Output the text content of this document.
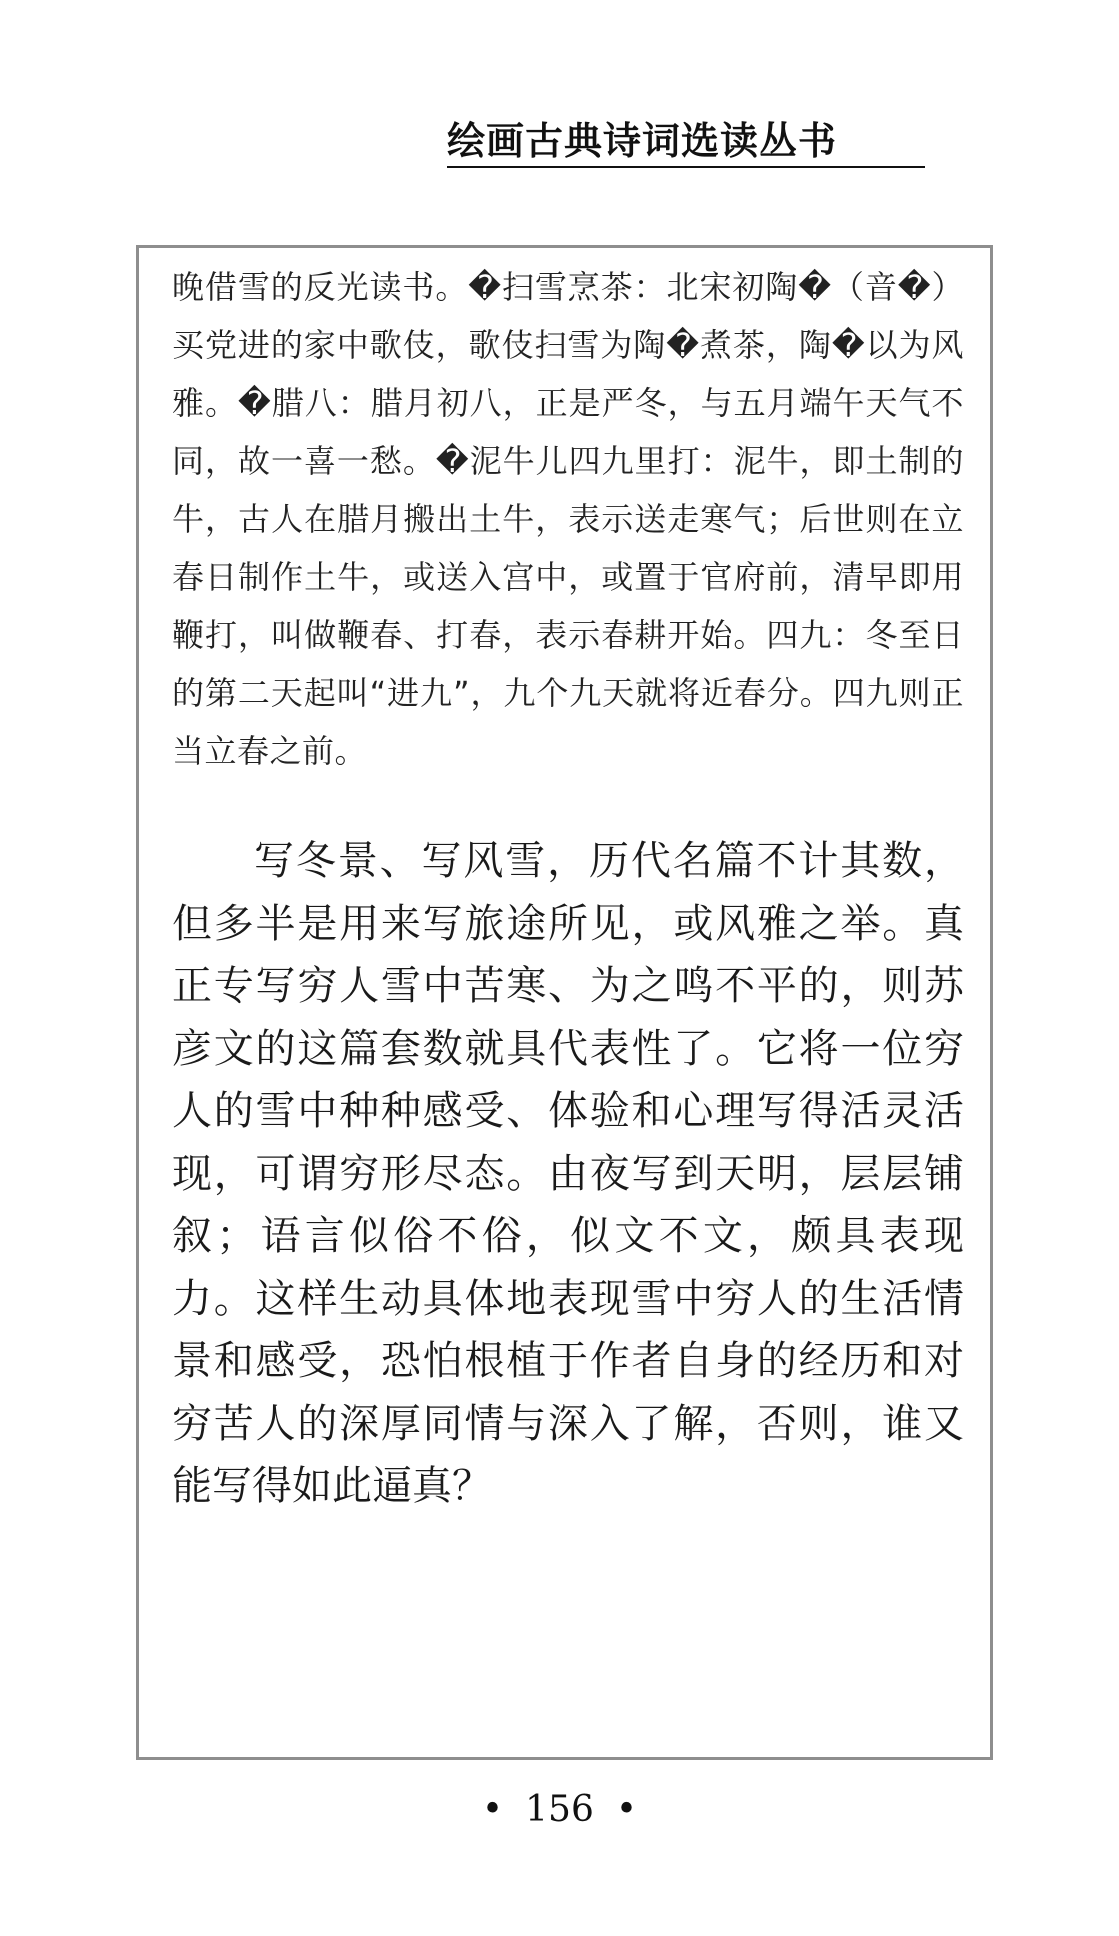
绘画古典诗词选读丛书

晚借雪的反光读书。�扫雪烹茶：北宋初陶�（音�）买党进的家中歌伎，歌伎扫雪为陶�煮茶，陶�以为风雅。�腊八：腊月初八，正是严冬，与五月端午天气不同，故一喜一愁。�泥牛儿四九里打：泥牛，即土制的牛，古人在腊月搬出土牛，表示送走寒气；后世则在立春日制作土牛，或送入宫中，或置于官府前，清早即用鞭打，叫做鞭春、打春，表示春耕开始。四九：冬至日的第二天起叫“进九”，九个九天就将近春分。四九则正当立春之前。

写冬景、写风雪，历代名篇不计其数，但多半是用来写旅途所见，或风雅之举。真正专写穷人雪中苦寒、为之鸣不平的，则苏彦文的这篇套数就具代表性了。它将一位穷人的雪中种种感受、体验和心理写得活灵活现，可谓穷形尽态。由夜写到天明，层层铺叙；语言似俗不俗，似文不文，颇具表现力。这样生动具体地表现雪中穷人的生活情景和感受，恐怕根植于作者自身的经历和对穷苦人的深厚同情与深入了解，否则，谁又能写得如此逼真？

• 156 •
